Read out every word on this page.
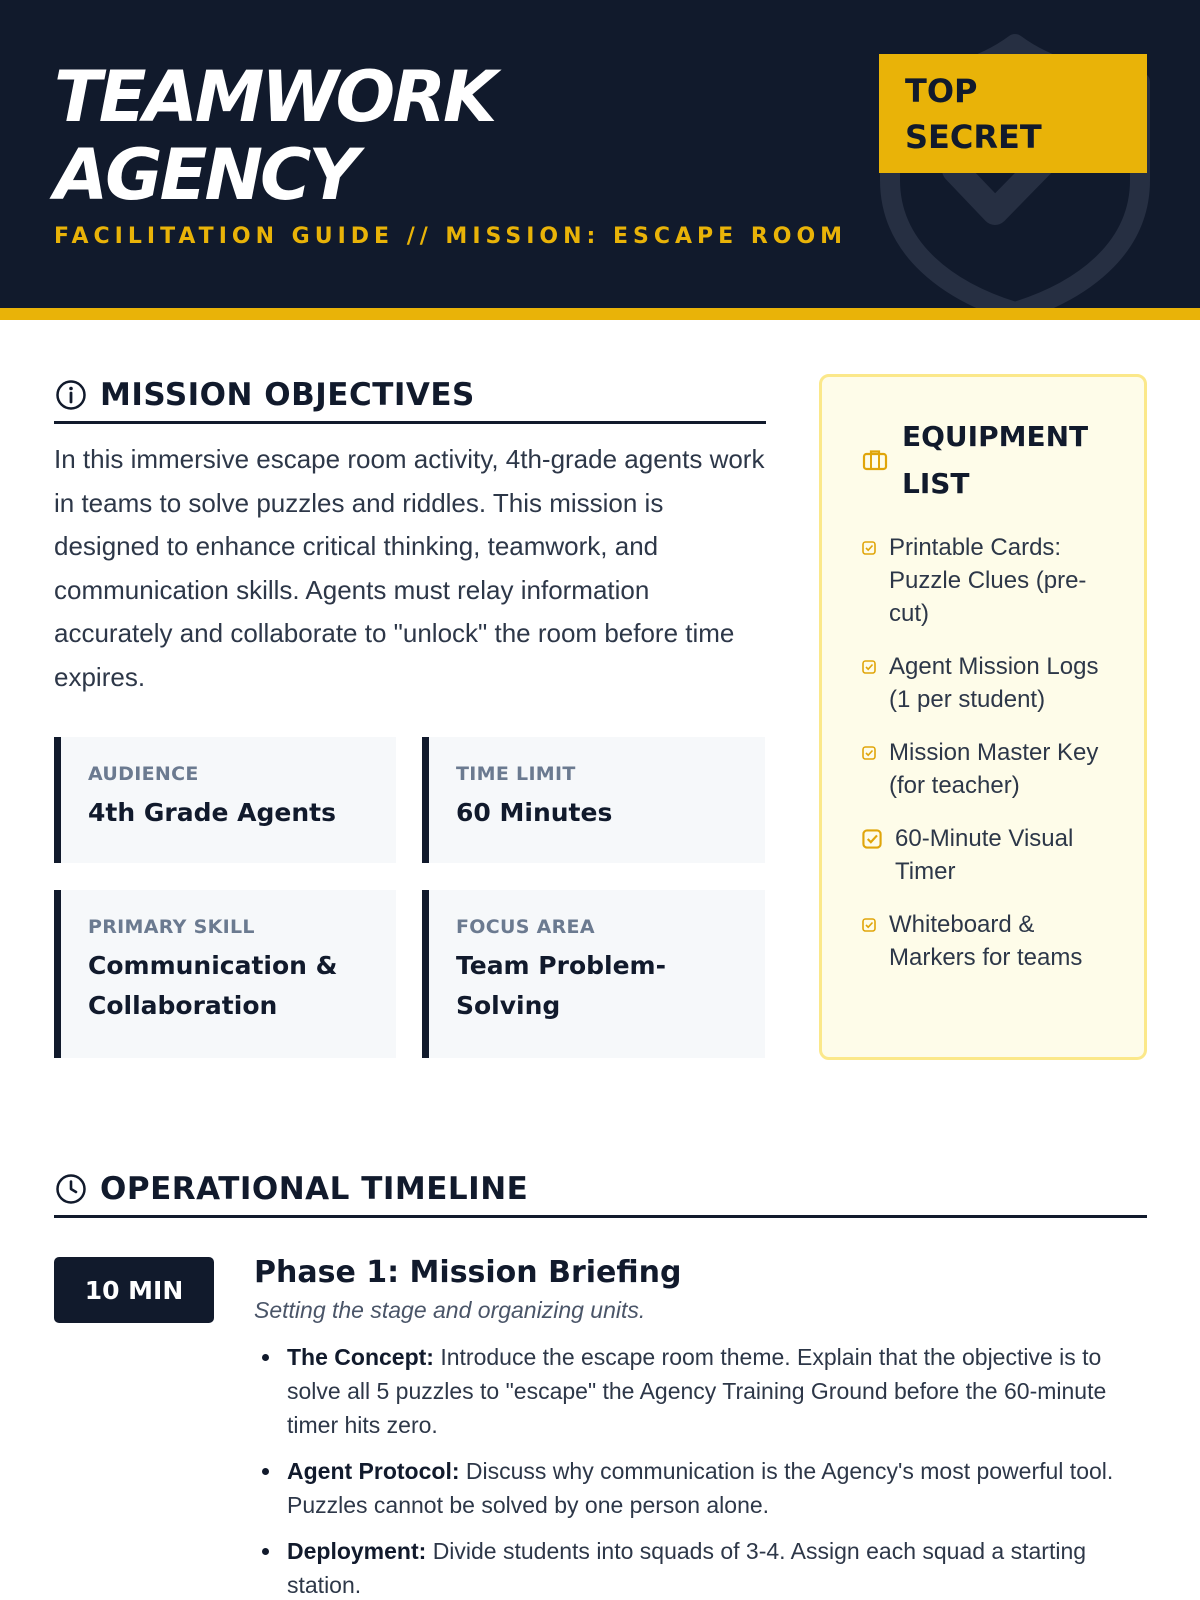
TEAMWORK
AGENCY
FACILITATION GUIDE // MISSION: ESCAPE ROOM
TOP
SECRET
MISSION OBJECTIVES

In this immersive escape room activity, 4th-grade agents work in teams to solve puzzles and riddles. This mission is designed to enhance critical thinking, teamwork, and communication skills. Agents must relay information accurately and collaborate to "unlock" the room before time expires.

AUDIENCE
4th Grade Agents
TIME LIMIT
60 Minutes
PRIMARY SKILL
Communication & Collaboration
FOCUS AREA
Team Problem-Solving
EQUIPMENT LIST
Printable Cards: Puzzle Clues (pre-cut)
Agent Mission Logs (1 per student)
Mission Master Key (for teacher)
60-Minute Visual Timer
Whiteboard & Markers for teams
OPERATIONAL TIMELINE
10 MIN	Phase 1: Mission Briefing
Setting the stage and organizing units.
The Concept: Introduce the escape room theme. Explain that the objective is to solve all 5 puzzles to "escape" the Agency Training Ground before the 60-minute timer hits zero.
Agent Protocol: Discuss why communication is the Agency's most powerful tool. Puzzles cannot be solved by one person alone.
Deployment: Divide students into squads of 3-4. Assign each squad a starting station.
